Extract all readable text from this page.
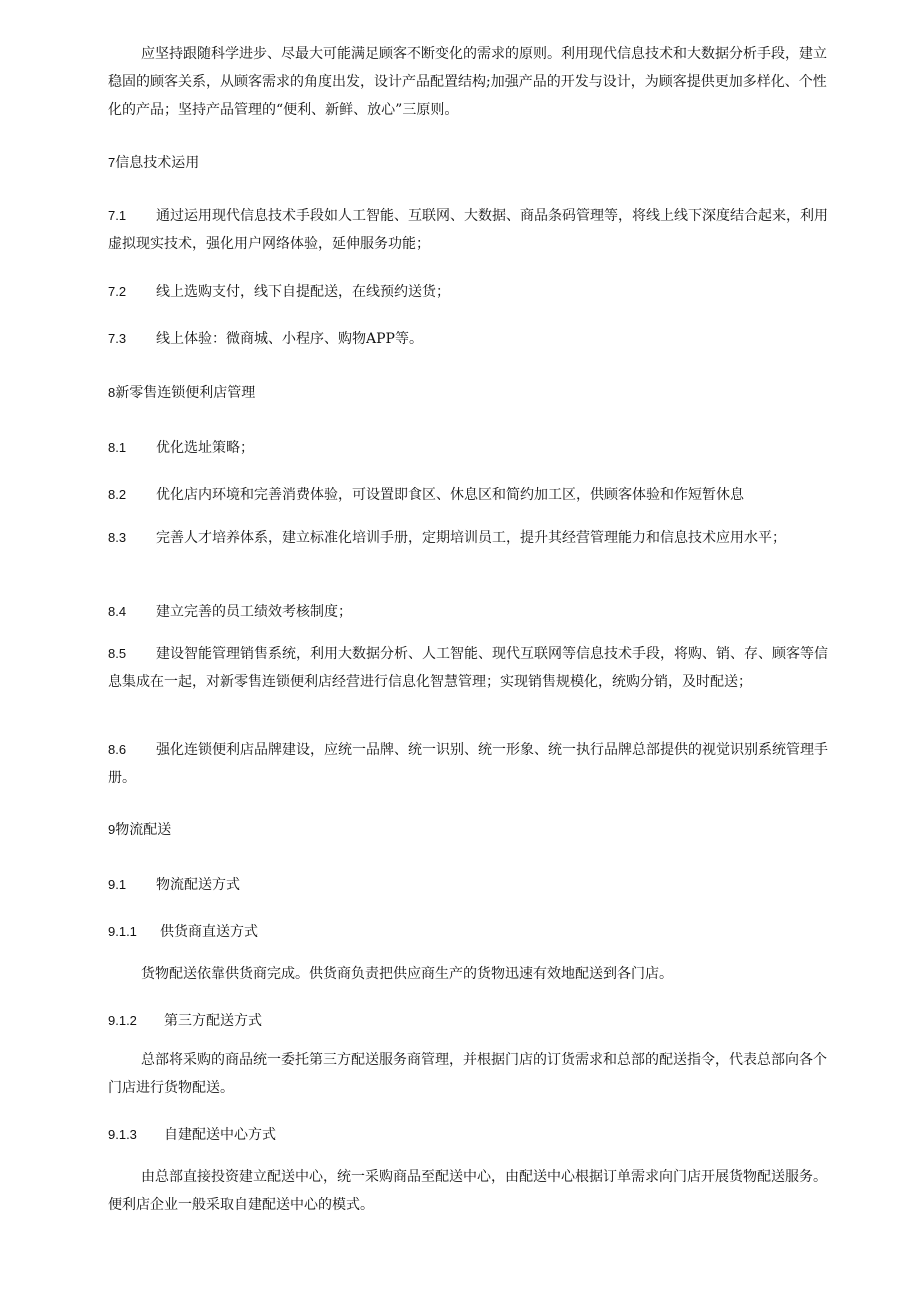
应坚持跟随科学进步、尽最大可能满足顾客不断变化的需求的原则。利用现代信息技术和大数据分析手段，建立稳固的顾客关系，从顾客需求的角度出发，设计产品配置结构;加强产品的开发与设计，为顾客提供更加多样化、个性化的产品；坚持产品管理的“便利、新鲜、放心”三原则。

7信息技术运用

7.1 通过运用现代信息技术手段如人工智能、互联网、大数据、商品条码管理等，将线上线下深度结合起来，利用虚拟现实技术，强化用户网络体验，延伸服务功能；

7.2 线上选购支付，线下自提配送，在线预约送货；

7.3 线上体验：微商城、小程序、购物APP等。

8新零售连锁便利店管理

8.1 优化选址策略；

8.2 优化店内环境和完善消费体验，可设置即食区、休息区和简约加工区，供顾客体验和作短暂休息

8.3 完善人才培养体系，建立标准化培训手册，定期培训员工，提升其经营管理能力和信息技术应用水平；

8.4 建立完善的员工绩效考核制度；

8.5 建设智能管理销售系统，利用大数据分析、人工智能、现代互联网等信息技术手段，将购、销、存、顾客等信息集成在一起，对新零售连锁便利店经营进行信息化智慧管理；实现销售规模化，统购分销，及时配送；

8.6 强化连锁便利店品牌建设，应统一品牌、统一识别、统一形象、统一执行品牌总部提供的视觉识别系统管理手册。

9物流配送

9.1 物流配送方式

9.1.1 供货商直送方式

货物配送依靠供货商完成。供货商负责把供应商生产的货物迅速有效地配送到各门店。

9.1.2 第三方配送方式

总部将采购的商品统一委托第三方配送服务商管理，并根据门店的订货需求和总部的配送指令，代表总部向各个门店进行货物配送。

9.1.3 自建配送中心方式

由总部直接投资建立配送中心，统一采购商品至配送中心，由配送中心根据订单需求向门店开展货物配送服务。便利店企业一般采取自建配送中心的模式。
